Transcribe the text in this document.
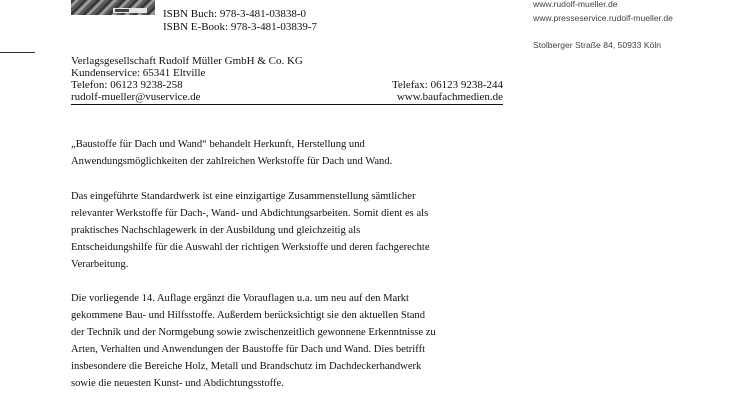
ISBN Buch: 978-3-481-03838-0
ISBN E-Book: 978-3-481-03839-7
www.rudolf-mueller.de
www.presseservice.rudolf-mueller.de
Stolberger Straße 84, 50933 Köln
Verlagsgesellschaft Rudolf Müller GmbH & Co. KG
Kundenservice: 65341 Eltville
Telefon: 06123 9238-258	Telefax: 06123 9238-244
rudolf-mueller@vuservice.de	www.baufachmedien.de
„Baustoffe für Dach und Wand“ behandelt Herkunft, Herstellung und
Anwendungsmöglichkeiten der zahlreichen Werkstoffe für Dach und Wand.
Das eingeführte Standardwerk ist eine einzigartige Zusammenstellung sämtlicher
relevanter Werkstoffe für Dach-, Wand- und Abdichtungsarbeiten. Somit dient es als
praktisches Nachschlagewerk in der Ausbildung und gleichzeitig als
Entscheidungshilfe für die Auswahl der richtigen Werkstoffe und deren fachgerechte
Verarbeitung.
Die vorliegende 14. Auflage ergänzt die Vorauflagen u.a. um neu auf den Markt
gekommene Bau- und Hilfsstoffe. Außerdem berücksichtigt sie den aktuellen Stand
der Technik und der Normgebung sowie zwischenzeitlich gewonnene Erkenntnisse zu
Arten, Verhalten und Anwendungen der Baustoffe für Dach und Wand. Dies betrifft
insbesondere die Bereiche Holz, Metall und Brandschutz im Dachdeckerhandwerk
sowie die neuesten Kunst- und Abdichtungsstoffe.
